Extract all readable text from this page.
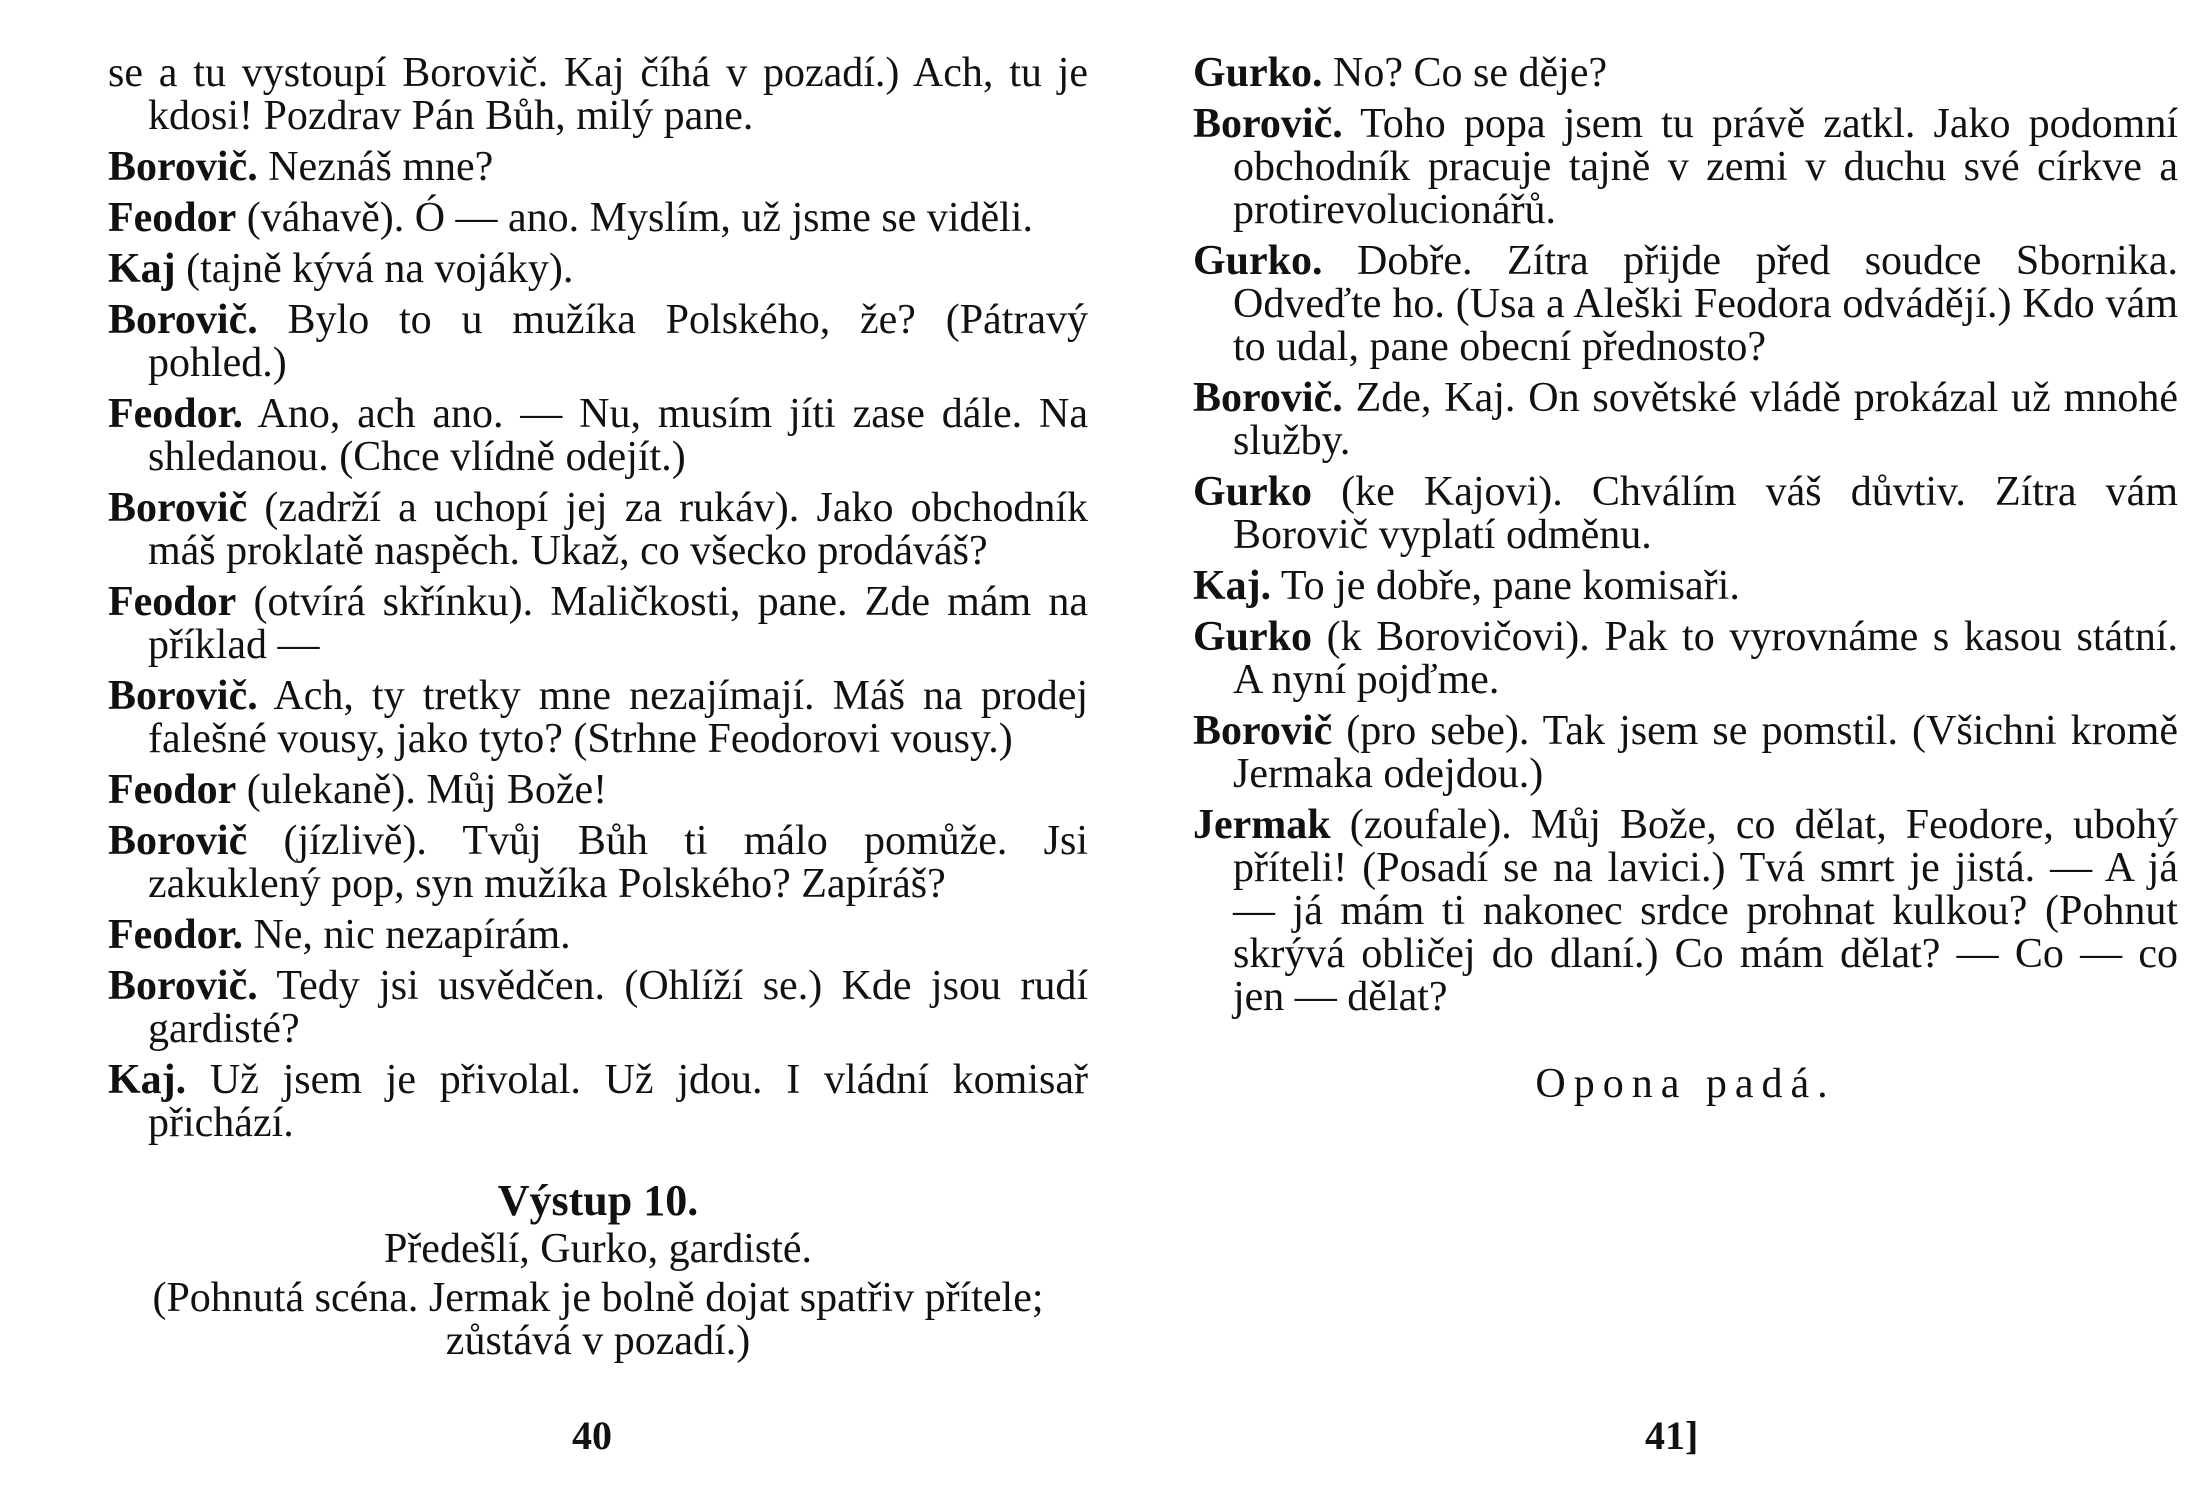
se a tu vystoupí Borovič. Kaj číhá v pozadí.) Ach, tu je kdosi! Pozdrav Pán Bůh, milý pane.

Borovič. Neznáš mne?

Feodor (váhavě). Ó — ano. Myslím, už jsme se viděli.

Kaj (tajně kývá na vojáky).

Borovič. Bylo to u mužíka Polského, že? (Pátravý pohled.)

Feodor. Ano, ach ano. — Nu, musím jíti zase dále. Na shledanou. (Chce vlídně odejít.)

Borovič (zadrží a uchopí jej za rukáv). Jako obchodník máš proklatě naspěch. Ukaž, co všecko prodáváš?

Feodor (otvírá skřínku). Maličkosti, pane. Zde mám na příklad —

Borovič. Ach, ty tretky mne nezajímají. Máš na prodej falešné vousy, jako tyto? (Strhne Feodorovi vousy.)

Feodor (ulekaně). Můj Bože!

Borovič (jízlivě). Tvůj Bůh ti málo pomůže. Jsi zakuklený pop, syn mužíka Polského? Zapíráš?

Feodor. Ne, nic nezapírám.

Borovič. Tedy jsi usvědčen. (Ohlíží se.) Kde jsou rudí gardisté?

Kaj. Už jsem je přivolal. Už jdou. I vládní komisař přichází.

Výstup 10.

Předešlí, Gurko, gardisté.

(Pohnutá scéna. Jermak je bolně dojat spatřiv přítele; zůstává v pozadí.)

40

Gurko. No? Co se děje?

Borovič. Toho popa jsem tu právě zatkl. Jako podomní obchodník pracuje tajně v zemi v duchu své církve a protirevolucionářů.

Gurko. Dobře. Zítra přijde před soudce Sbornika. Odveďte ho. (Usa a Aleški Feodora odvádějí.) Kdo vám to udal, pane obecní přednosto?

Borovič. Zde, Kaj. On sovětské vládě prokázal už mnohé služby.

Gurko (ke Kajovi). Chválím váš důvtiv. Zítra vám Borovič vyplatí odměnu.

Kaj. To je dobře, pane komisaři.

Gurko (k Borovičovi). Pak to vyrovnáme s kasou státní. A nyní pojďme.

Borovič (pro sebe). Tak jsem se pomstil. (Všichni kromě Jermaka odejdou.)

Jermak (zoufale). Můj Bože, co dělat, Feodore, ubohý příteli! (Posadí se na lavici.) Tvá smrt je jistá. — A já — já mám ti nakonec srdce prohnat kulkou? (Pohnut skrývá obličej do dlaní.) Co mám dělat? — Co — co jen — dělat?

Opona padá.

41]
